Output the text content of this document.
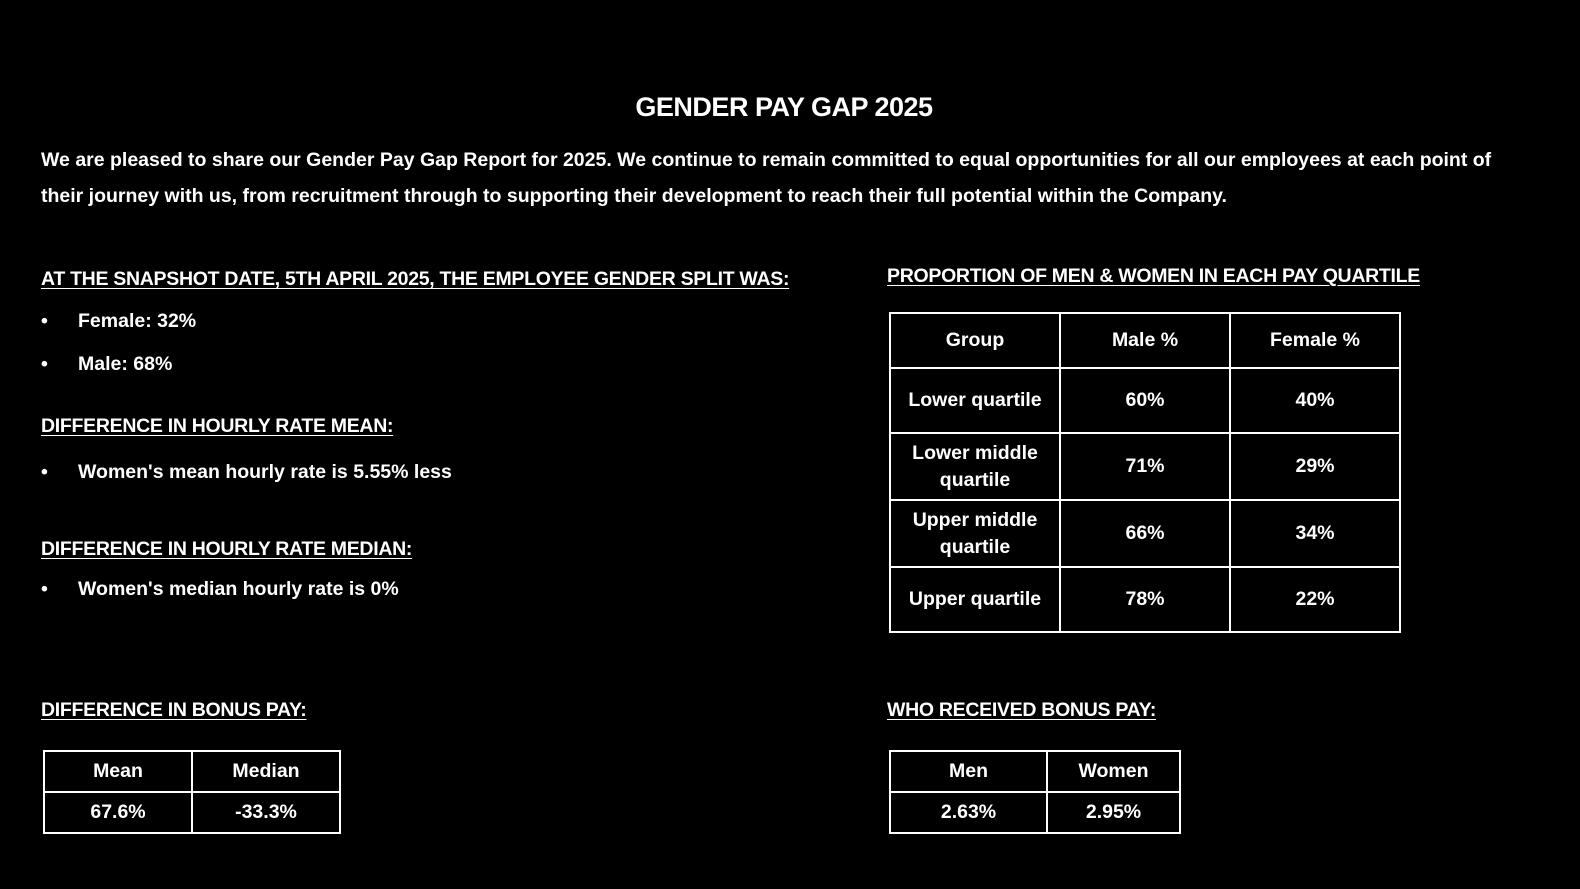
GENDER PAY GAP 2025
We are pleased to share our Gender Pay Gap Report for 2025. We continue to remain committed to equal opportunities for all our employees at each point of their journey with us, from recruitment through to supporting their development to reach their full potential within the Company.
AT THE SNAPSHOT DATE, 5TH APRIL 2025, THE EMPLOYEE GENDER SPLIT WAS:
• Female: 32%
• Male: 68%
DIFFERENCE IN HOURLY RATE MEAN:
• Women's mean hourly rate is 5.55% less
DIFFERENCE IN HOURLY RATE MEDIAN:
• Women's median hourly rate is 0%
PROPORTION OF MEN & WOMEN IN EACH PAY QUARTILE
Group	Male %	Female %
Lower quartile	60%	40%
Lower middle quartile	71%	29%
Upper middle quartile	66%	34%
Upper quartile	78%	22%
DIFFERENCE IN BONUS PAY:
Mean	Median
67.6%	-33.3%
WHO RECEIVED BONUS PAY:
Men	Women
2.63%	2.95%
